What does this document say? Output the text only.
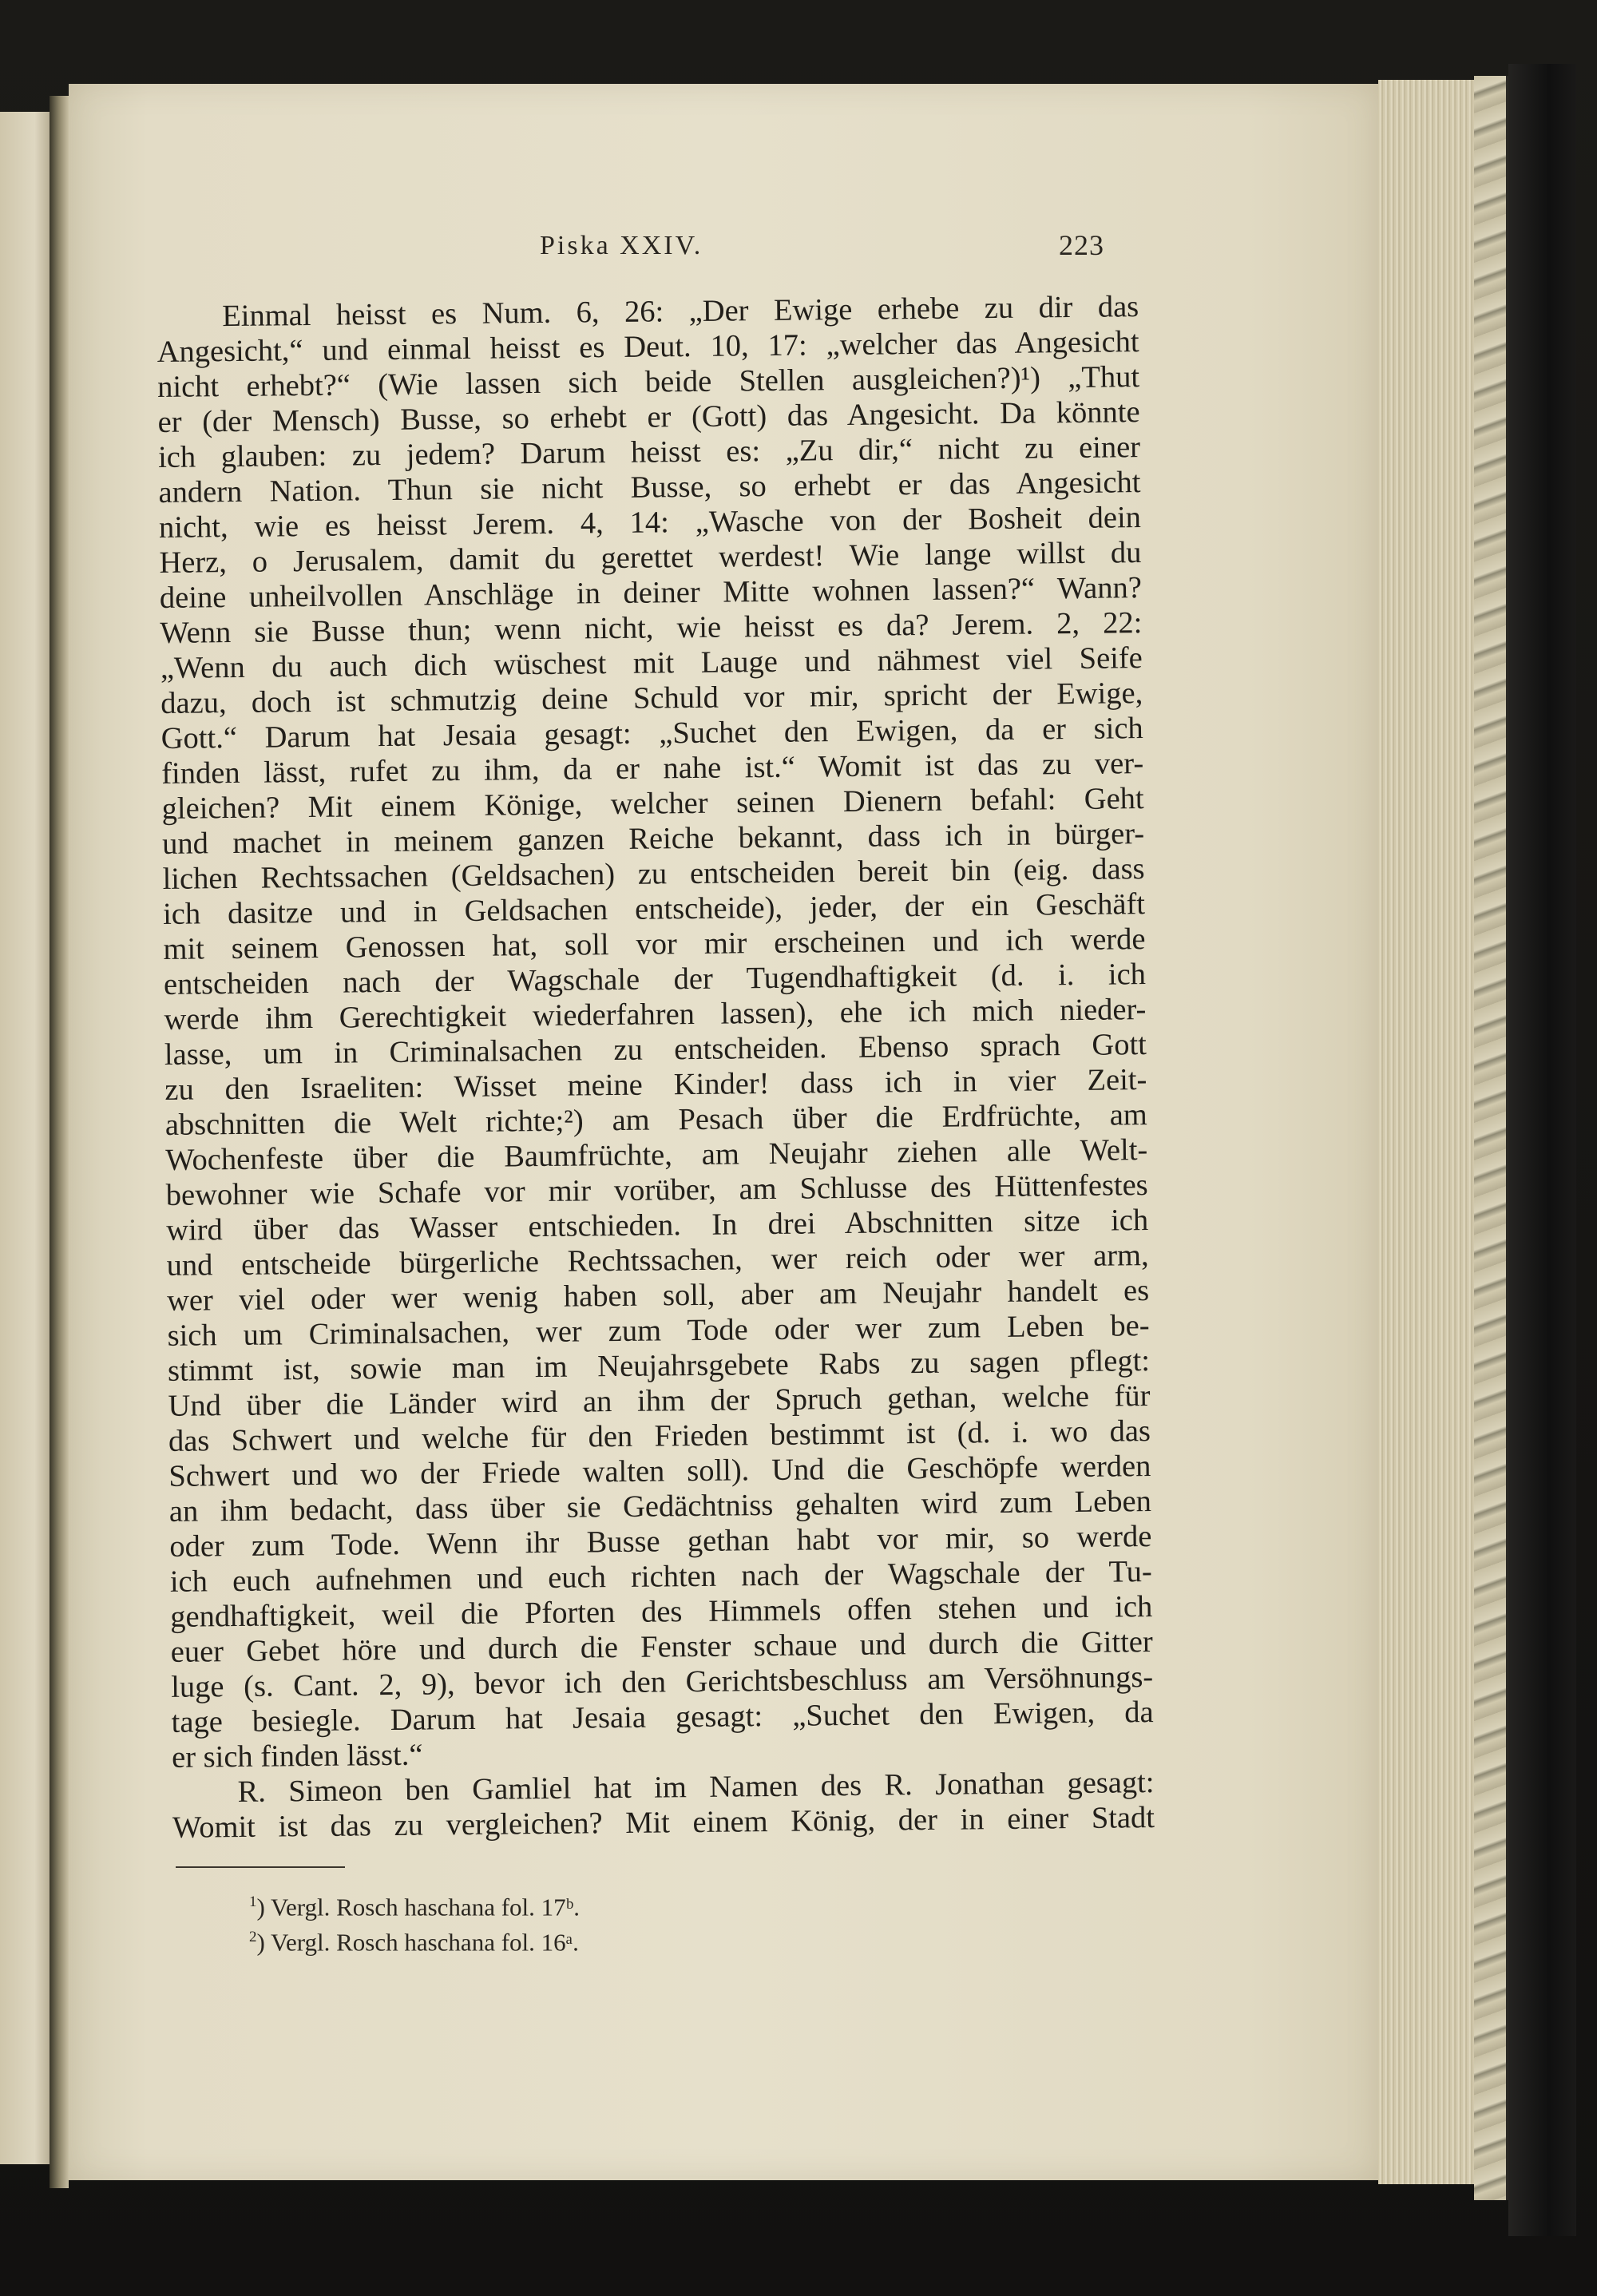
Piska XXIV.	223
Einmal heisst es Num. 6, 26: „Der Ewige erhebe zu dir das
Angesicht,“ und einmal heisst es Deut. 10, 17: „welcher das Angesicht
nicht erhebt?“ (Wie lassen sich beide Stellen ausgleichen?)¹) „Thut
er (der Mensch) Busse, so erhebt er (Gott) das Angesicht. Da könnte
ich glauben: zu jedem? Darum heisst es: „Zu dir,“ nicht zu einer
andern Nation. Thun sie nicht Busse, so erhebt er das Angesicht
nicht, wie es heisst Jerem. 4, 14: „Wasche von der Bosheit dein
Herz, o Jerusalem, damit du gerettet werdest! Wie lange willst du
deine unheilvollen Anschläge in deiner Mitte wohnen lassen?“ Wann?
Wenn sie Busse thun; wenn nicht, wie heisst es da? Jerem. 2, 22:
„Wenn du auch dich wüschest mit Lauge und nähmest viel Seife
dazu, doch ist schmutzig deine Schuld vor mir, spricht der Ewige,
Gott.“ Darum hat Jesaia gesagt: „Suchet den Ewigen, da er sich
finden lässt, rufet zu ihm, da er nahe ist.“ Womit ist das zu ver-
gleichen? Mit einem Könige, welcher seinen Dienern befahl: Geht
und machet in meinem ganzen Reiche bekannt, dass ich in bürger-
lichen Rechtssachen (Geldsachen) zu entscheiden bereit bin (eig. dass
ich dasitze und in Geldsachen entscheide), jeder, der ein Geschäft
mit seinem Genossen hat, soll vor mir erscheinen und ich werde
entscheiden nach der Wagschale der Tugendhaftigkeit (d. i. ich
werde ihm Gerechtigkeit wiederfahren lassen), ehe ich mich nieder-
lasse, um in Criminalsachen zu entscheiden. Ebenso sprach Gott
zu den Israeliten: Wisset meine Kinder! dass ich in vier Zeit-
abschnitten die Welt richte;²) am Pesach über die Erdfrüchte, am
Wochenfeste über die Baumfrüchte, am Neujahr ziehen alle Welt-
bewohner wie Schafe vor mir vorüber, am Schlusse des Hüttenfestes
wird über das Wasser entschieden. In drei Abschnitten sitze ich
und entscheide bürgerliche Rechtssachen, wer reich oder wer arm,
wer viel oder wer wenig haben soll, aber am Neujahr handelt es
sich um Criminalsachen, wer zum Tode oder wer zum Leben be-
stimmt ist, sowie man im Neujahrsgebete Rabs zu sagen pflegt:
Und über die Länder wird an ihm der Spruch gethan, welche für
das Schwert und welche für den Frieden bestimmt ist (d. i. wo das
Schwert und wo der Friede walten soll). Und die Geschöpfe werden
an ihm bedacht, dass über sie Gedächtniss gehalten wird zum Leben
oder zum Tode. Wenn ihr Busse gethan habt vor mir, so werde
ich euch aufnehmen und euch richten nach der Wagschale der Tu-
gendhaftigkeit, weil die Pforten des Himmels offen stehen und ich
euer Gebet höre und durch die Fenster schaue und durch die Gitter
luge (s. Cant. 2, 9), bevor ich den Gerichtsbeschluss am Versöhnungs-
tage besiegle. Darum hat Jesaia gesagt: „Suchet den Ewigen, da
er sich finden lässt.“
R. Simeon ben Gamliel hat im Namen des R. Jonathan gesagt:
Womit ist das zu vergleichen? Mit einem König, der in einer Stadt
$^1$) Vergl. Rosch haschana fol. 17ᵇ.
$^2$) Vergl. Rosch haschana fol. 16ᵃ.
